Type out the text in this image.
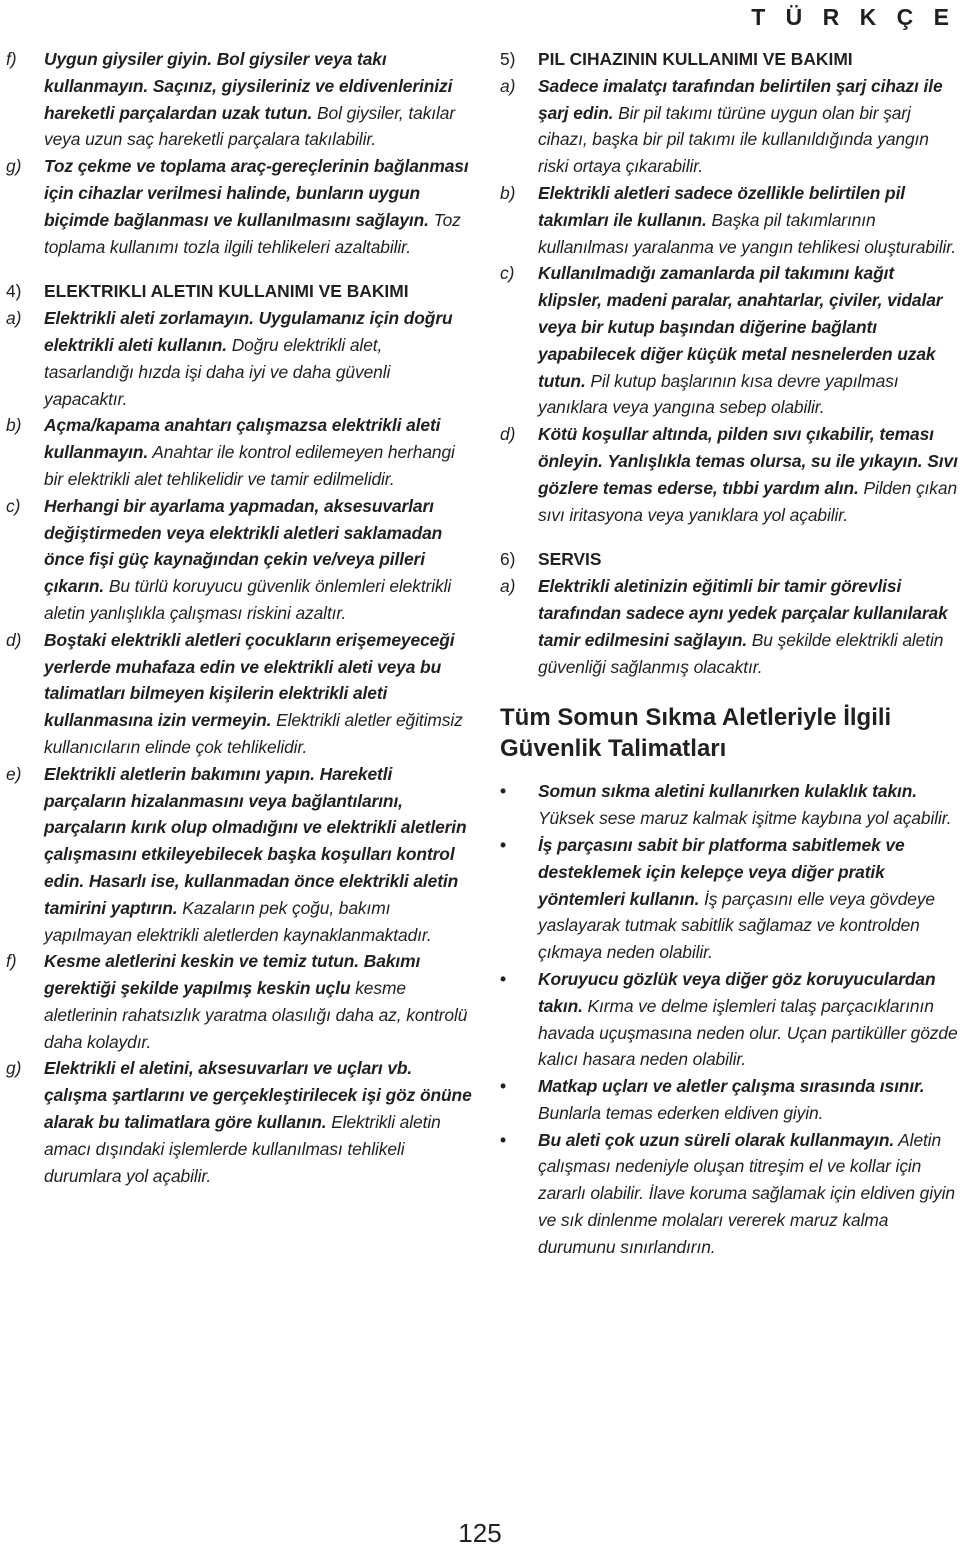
T Ü R K Ç E

f) Uygun giysiler giyin. Bol giysiler veya takı kullanmayın. Saçınız, giysileriniz ve eldivenlerinizi hareketli parçalardan uzak tutun. Bol giysiler, takılar veya uzun saç hareketli parçalara takılabilir.

g) Toz çekme ve toplama araç-gereçlerinin bağlanması için cihazlar verilmesi halinde, bunların uygun biçimde bağlanması ve kullanılmasını sağlayın. Toz toplama kullanımı tozla ilgili tehlikeleri azaltabilir.

4) ELEKTRIKLI ALETIN KULLANIMI VE BAKIMI

a) Elektrikli aleti zorlamayın. Uygulamanız için doğru elektrikli aleti kullanın. Doğru elektrikli alet, tasarlandığı hızda işi daha iyi ve daha güvenli yapacaktır.

b) Açma/kapama anahtarı çalışmazsa elektrikli aleti kullanmayın. Anahtar ile kontrol edilemeyen herhangi bir elektrikli alet tehlikelidir ve tamir edilmelidir.

c) Herhangi bir ayarlama yapmadan, aksesuvarları değiştirmeden veya elektrikli aletleri saklamadan önce fişi güç kaynağından çekin ve/veya pilleri çıkarın. Bu türlü koruyucu güvenlik önlemleri elektrikli aletin yanlışlıkla çalışması riskini azaltır.

d) Boştaki elektrikli aletleri çocukların erişemeyeceği yerlerde muhafaza edin ve elektrikli aleti veya bu talimatları bilmeyen kişilerin elektrikli aleti kullanmasına izin vermeyin. Elektrikli aletler eğitimsiz kullanıcıların elinde çok tehlikelidir.

e) Elektrikli aletlerin bakımını yapın. Hareketli parçaların hizalanmasını veya bağlantılarını, parçaların kırık olup olmadığını ve elektrikli aletlerin çalışmasını etkileyebilecek başka koşulları kontrol edin. Hasarlı ise, kullanmadan önce elektrikli aletin tamirini yaptırın. Kazaların pek çoğu, bakımı yapılmayan elektrikli aletlerden kaynaklanmaktadır.

f) Kesme aletlerini keskin ve temiz tutun. Bakımı gerektiği şekilde yapılmış keskin uçlu kesme aletlerinin rahatsızlık yaratma olasılığı daha az, kontrolü daha kolaydır.

g) Elektrikli el aletini, aksesuvarları ve uçları vb. çalışma şartlarını ve gerçekleştirilecek işi göz önüne alarak bu talimatlara göre kullanın. Elektrikli aletin amacı dışındaki işlemlerde kullanılması tehlikeli durumlara yol açabilir.

5) PIL CIHAZININ KULLANIMI VE BAKIMI

a) Sadece imalatçı tarafından belirtilen şarj cihazı ile şarj edin. Bir pil takımı türüne uygun olan bir şarj cihazı, başka bir pil takımı ile kullanıldığında yangın riski ortaya çıkarabilir.

b) Elektrikli aletleri sadece özellikle belirtilen pil takımları ile kullanın. Başka pil takımlarının kullanılması yaralanma ve yangın tehlikesi oluşturabilir.

c) Kullanılmadığı zamanlarda pil takımını kağıt klipsler, madeni paralar, anahtarlar, çiviler, vidalar veya bir kutup başından diğerine bağlantı yapabilecek diğer küçük metal nesnelerden uzak tutun. Pil kutup başlarının kısa devre yapılması yanıklara veya yangına sebep olabilir.

d) Kötü koşullar altında, pilden sıvı çıkabilir, teması önleyin. Yanlışlıkla temas olursa, su ile yıkayın. Sıvı gözlere temas ederse, tıbbi yardım alın. Pilden çıkan sıvı iritasyona veya yanıklara yol açabilir.

6) SERVIS

a) Elektrikli aletinizin eğitimli bir tamir görevlisi tarafından sadece aynı yedek parçalar kullanılarak tamir edilmesini sağlayın. Bu şekilde elektrikli aletin güvenliği sağlanmış olacaktır.

Tüm Somun Sıkma Aletleriyle İlgili Güvenlik Talimatları

• Somun sıkma aletini kullanırken kulaklık takın. Yüksek sese maruz kalmak işitme kaybına yol açabilir.

• İş parçasını sabit bir platforma sabitlemek ve desteklemek için kelepçe veya diğer pratik yöntemleri kullanın. İş parçasını elle veya gövdeye yaslayarak tutmak sabitlik sağlamaz ve kontrolden çıkmaya neden olabilir.

• Koruyucu gözlük veya diğer göz koruyuculardan takın. Kırma ve delme işlemleri talaş parçacıklarının havada uçuşmasına neden olur. Uçan partiküller gözde kalıcı hasara neden olabilir.

• Matkap uçları ve aletler çalışma sırasında ısınır. Bunlarla temas ederken eldiven giyin.

• Bu aleti çok uzun süreli olarak kullanmayın. Aletin çalışması nedeniyle oluşan titreşim el ve kollar için zararlı olabilir. İlave koruma sağlamak için eldiven giyin ve sık dinlenme molaları vererek maruz kalma durumunu sınırlandırın.

125
